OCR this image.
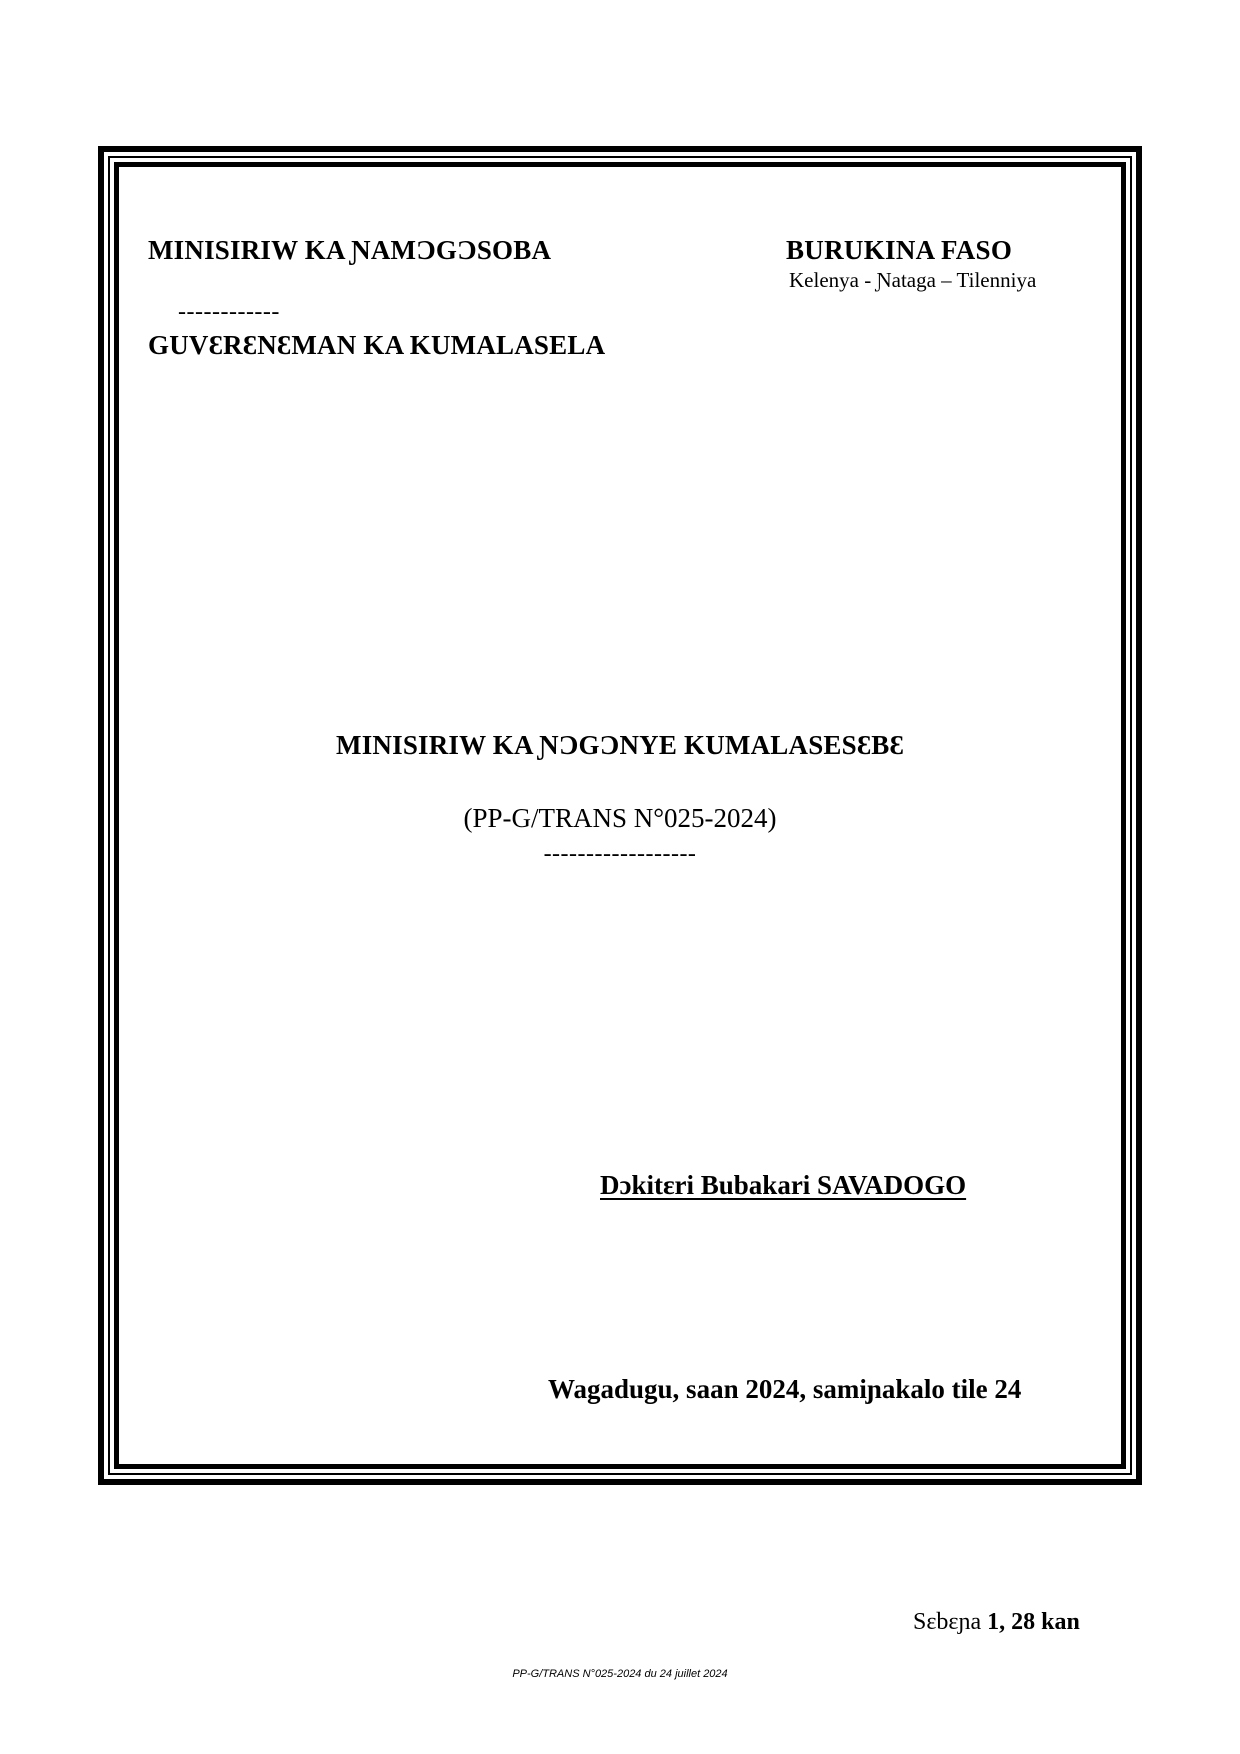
MINISIRIW KA ƝAMƆGƆSOBA
------------
GUVƐRƐNƐMAN KA KUMALASELA
BURUKINA FASO
Kelenya - Ɲataga – Tilenniya
MINISIRIW KA ƝƆGƆNYE KUMALASESƐBƐ
(PP-G/TRANS N°025-2024)
------------------
Dɔkitɛri Bubakari SAVADOGO
Wagadugu, saan 2024, samiɲakalo tile 24
Sɛbɛɲa 1, 28 kan
PP-G/TRANS N°025-2024 du 24 juillet 2024
